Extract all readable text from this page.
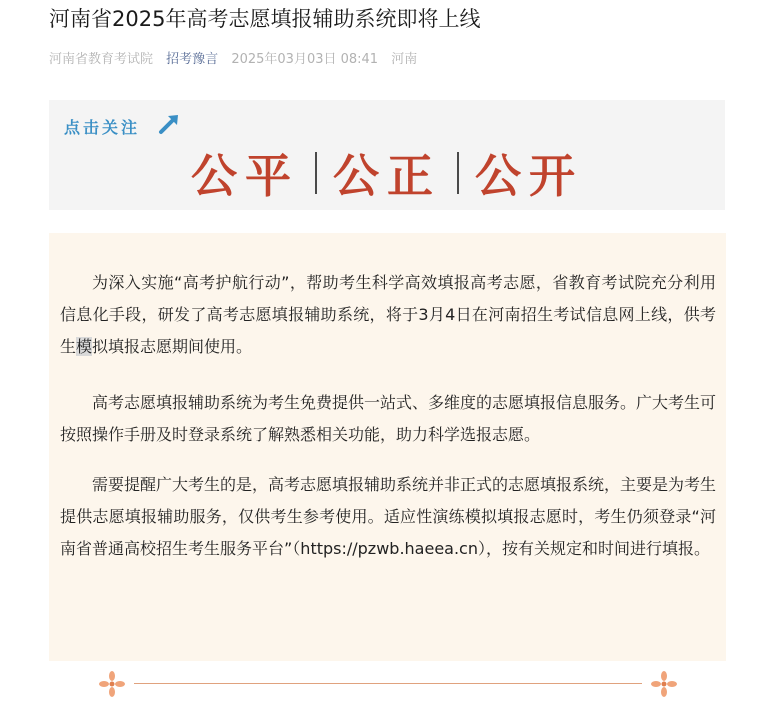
河南省2025年高考志愿填报辅助系统即将上线
河南省教育考试院 招考豫言 2025年03月03日 08:41 河南
点击关注
公平 公正 公开

为深入实施“高考护航行动”，帮助考生科学高效填报高考志愿，省教育考试院充分利用信息化手段，研发了高考志愿填报辅助系统，将于3月4日在河南招生考试信息网上线，供考生模拟填报志愿期间使用。

高考志愿填报辅助系统为考生免费提供一站式、多维度的志愿填报信息服务。广大考生可按照操作手册及时登录系统了解熟悉相关功能，助力科学选报志愿。

需要提醒广大考生的是，高考志愿填报辅助系统并非正式的志愿填报系统，主要是为考生提供志愿填报辅助服务，仅供考生参考使用。适应性演练模拟填报志愿时，考生仍须登录“河南省普通高校招生考生服务平台”（https://pzwb.haeea.cn），按有关规定和时间进行填报。
